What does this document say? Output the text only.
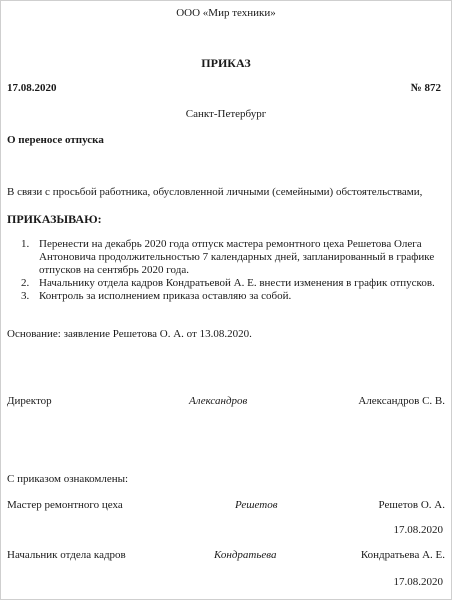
ООО «Мир техники»
ПРИКАЗ
17.08.2020	№ 872
Санкт-Петербург
О переносе отпуска
В связи с просьбой работника, обусловленной личными (семейными) обстоятельствами,
ПРИКАЗЫВАЮ:
1. Перенести на декабрь 2020 года отпуск мастера ремонтного цеха Решетова Олега Антоновича продолжительностью 7 календарных дней, запланированный в графике отпусков на сентябрь 2020 года.
2. Начальнику отдела кадров Кондратьевой А. Е. внести изменения в график отпусков.
3. Контроль за исполнением приказа оставляю за собой.
Основание: заявление Решетова О. А. от 13.08.2020.
Директор	Александров	Александров С. В.
С приказом ознакомлены:
Мастер ремонтного цеха	Решетов	Решетов О. А.
17.08.2020
Начальник отдела кадров	Кондратьева	Кондратьева А. Е.
17.08.2020
